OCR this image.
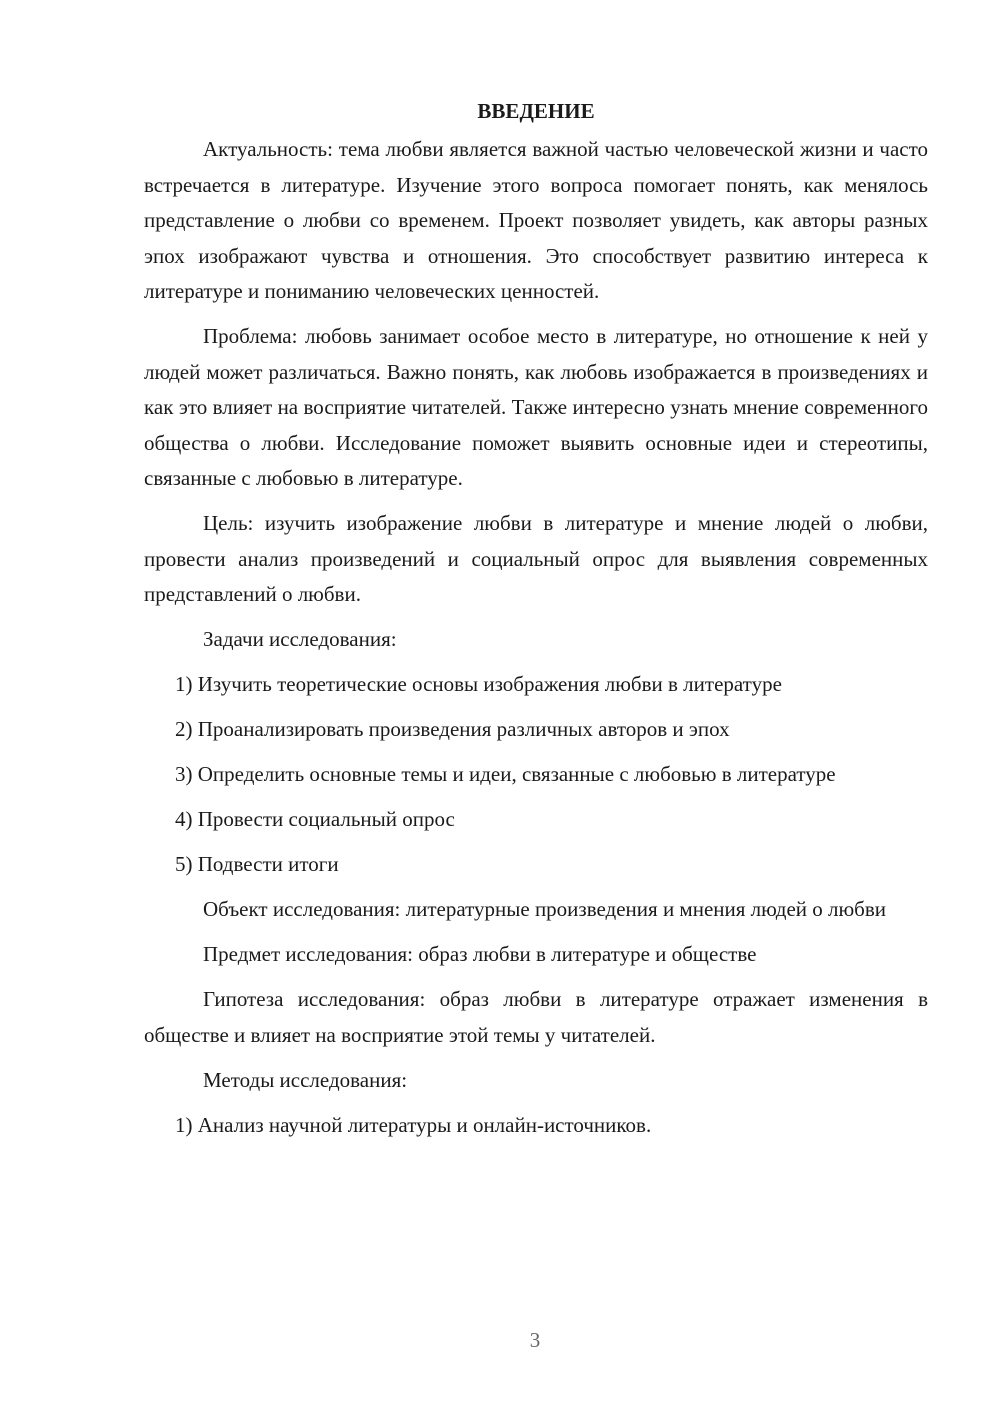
ВВЕДЕНИЕ

Актуальность: тема любви является важной частью человеческой жизни и часто встречается в литературе. Изучение этого вопроса помогает понять, как менялось представление о любви со временем. Проект позволяет увидеть, как авторы разных эпох изображают чувства и отношения. Это способствует развитию интереса к литературе и пониманию человеческих ценностей.

Проблема: любовь занимает особое место в литературе, но отношение к ней у людей может различаться. Важно понять, как любовь изображается в произведениях и как это влияет на восприятие читателей. Также интересно узнать мнение современного общества о любви. Исследование поможет выявить основные идеи и стереотипы, связанные с любовью в литературе.

Цель: изучить изображение любви в литературе и мнение людей о любви, провести анализ произведений и социальный опрос для выявления современных представлений о любви.

Задачи исследования:

1) Изучить теоретические основы изображения любви в литературе

2) Проанализировать произведения различных авторов и эпох

3) Определить основные темы и идеи, связанные с любовью в литературе

4) Провести социальный опрос

5) Подвести итоги

Объект исследования: литературные произведения и мнения людей о любви

Предмет исследования: образ любви в литературе и обществе

Гипотеза исследования: образ любви в литературе отражает изменения в обществе и влияет на восприятие этой темы у читателей.

Методы исследования:

1) Анализ научной литературы и онлайн-источников.

3
